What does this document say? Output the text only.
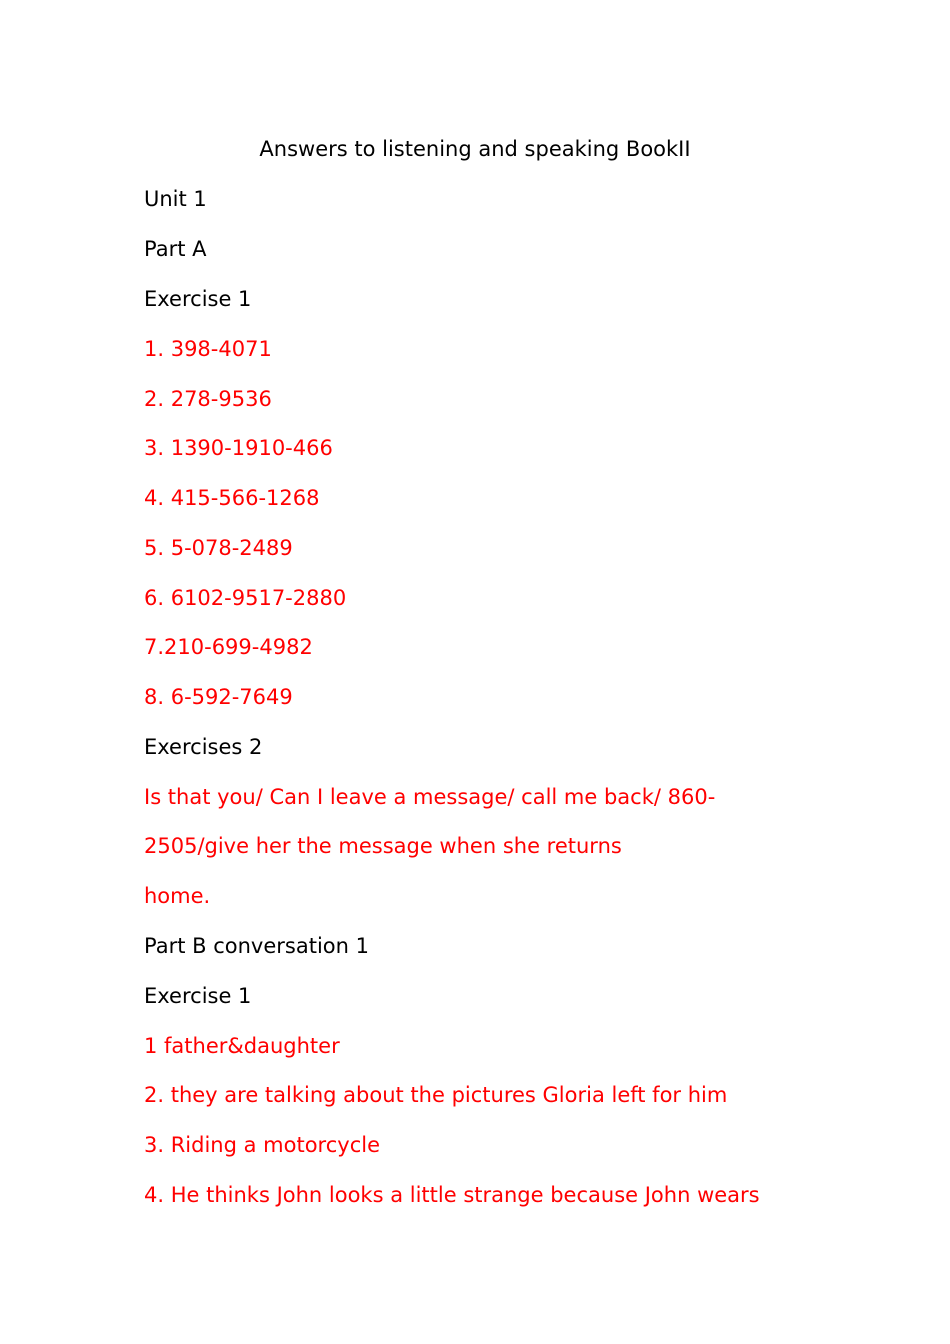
Answers to listening and speaking BookII
Unit 1
Part A
Exercise 1
1. 398-4071
2. 278-9536
3. 1390-1910-466
4. 415-566-1268
5. 5-078-2489
6. 6102-9517-2880
7.210-699-4982
8. 6-592-7649
Exercises 2
Is that you/ Can I leave a message/ call me back/ 860-
2505/give her the message when she returns
home.
Part B conversation 1
Exercise 1
1 father&daughter
2. they are talking about the pictures Gloria left for him
3. Riding a motorcycle
4. He thinks John looks a little strange because John wears
